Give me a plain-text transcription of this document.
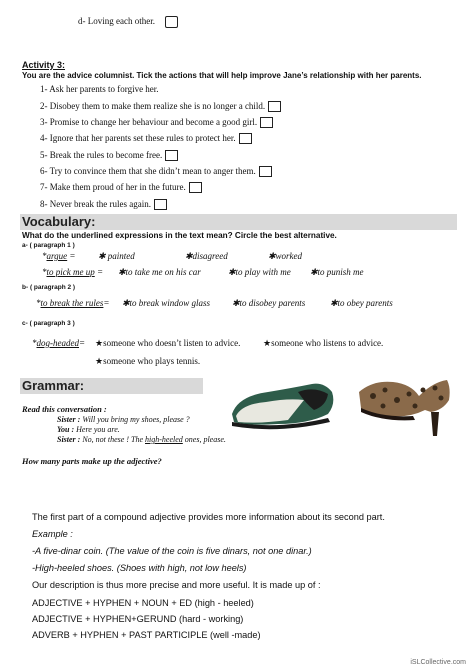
d- Loving each other.
Activity 3:
You are the advice columnist. Tick the actions that will help improve Jane’s relationship with her parents.
1- Ask her parents to forgive her.
2- Disobey them to make them realize she is no longer a child.
3- Promise to change her behaviour and become a good girl.
4- Ignore that her parents set these rules to protect her.
5- Break the rules to become free.
6- Try to convince them that she didn’t mean to anger them.
7- Make them proud of her in the future.
8- Never break the rules again.
Vocabulary:
What do the underlined expressions in the text mean? Circle the best alternative.
a- ( paragraph 1 )
*argue =	✱ painted	✱disagreed	✱worked
*to pick me up = ✱to take me on his car	✱to play with me ✱to punish me
b- ( paragraph 2 )
*to break the rules= ✱to break window glass ✱to disobey parents	✱to obey parents
c- ( paragraph 3 )
*dog-headed= ★someone who doesn’t listen to advice.	★someone who listens to advice.
★someone who plays tennis.
Grammar:
Read this conversation :
Sister : Will you bring my shoes, please ?
You : Here you are.
Sister : No, not these ! The high-heeled ones, please.
How many parts make up the adjective?
The first part of a compound adjective provides more information about its second part.
Example :
-A five-dinar coin. (The value of the coin is five dinars, not one dinar.)
-High-heeled shoes. (Shoes with high, not low heels)
Our description is thus more precise and more useful. It is made up of :
ADJECTIVE + HYPHEN + NOUN + ED (high - heeled)
ADJECTIVE + HYPHEN+GERUND (hard - working)
ADVERB + HYPHEN + PAST PARTICIPLE (well -made)
iSLCollective.com
